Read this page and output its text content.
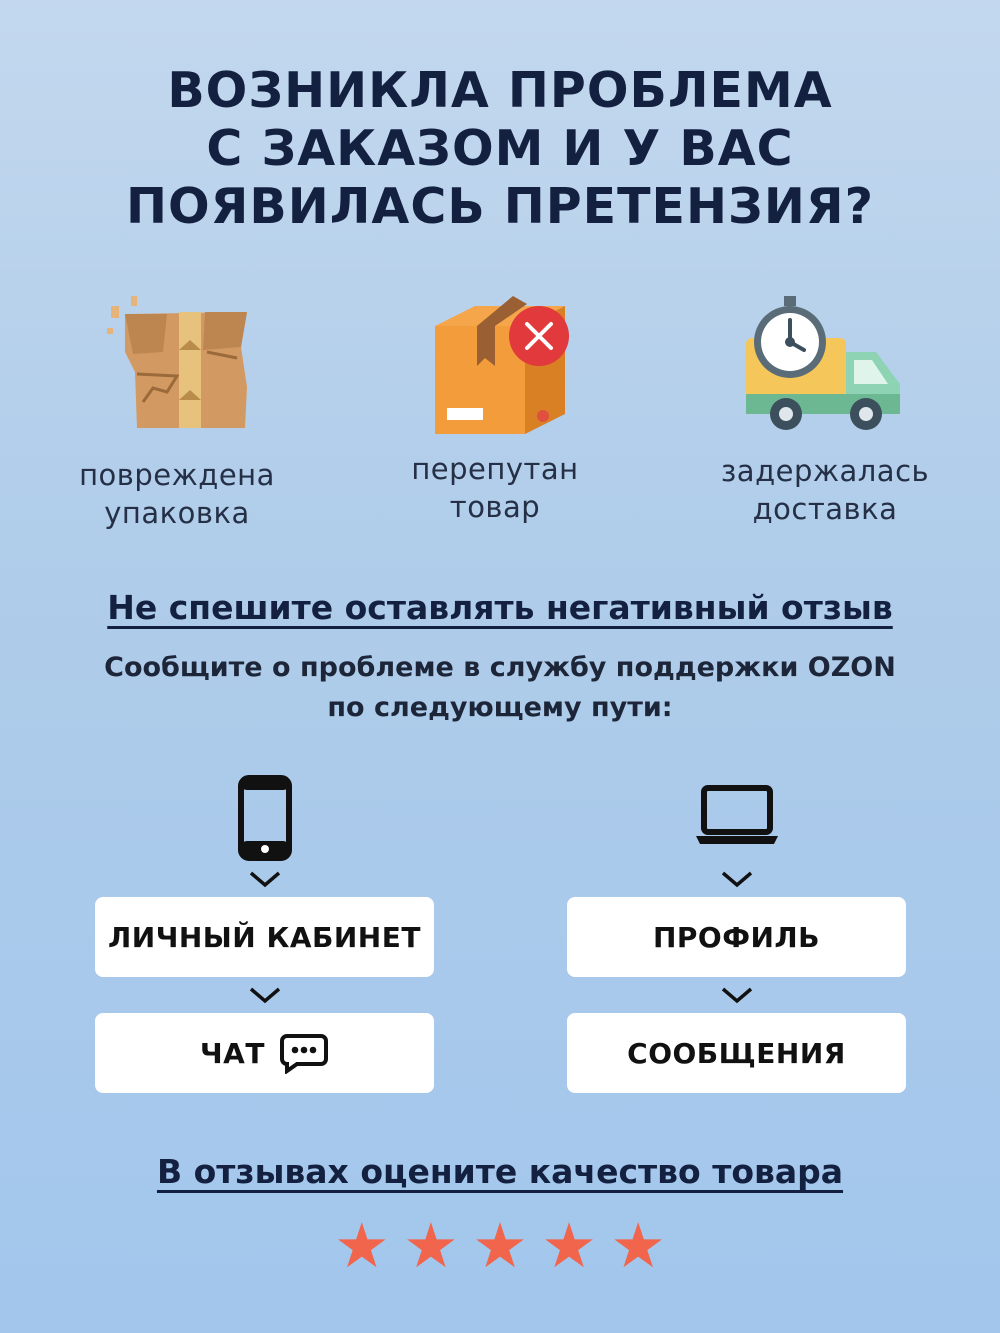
ВОЗНИКЛА ПРОБЛЕМА
С ЗАКАЗОМ И У ВАС
ПОЯВИЛАСЬ ПРЕТЕНЗИЯ?
повреждена
упаковка
перепутан
товар
задержалась
доставка
Не спешите оставлять негативный отзыв
Сообщите о проблеме в службу поддержки OZON
по следующему пути:
ЛИЧНЫЙ КАБИНЕТ
ЧАТ
ПРОФИЛЬ
СООБЩЕНИЯ
В отзывах оцените качество товара
★ ★ ★ ★ ★
